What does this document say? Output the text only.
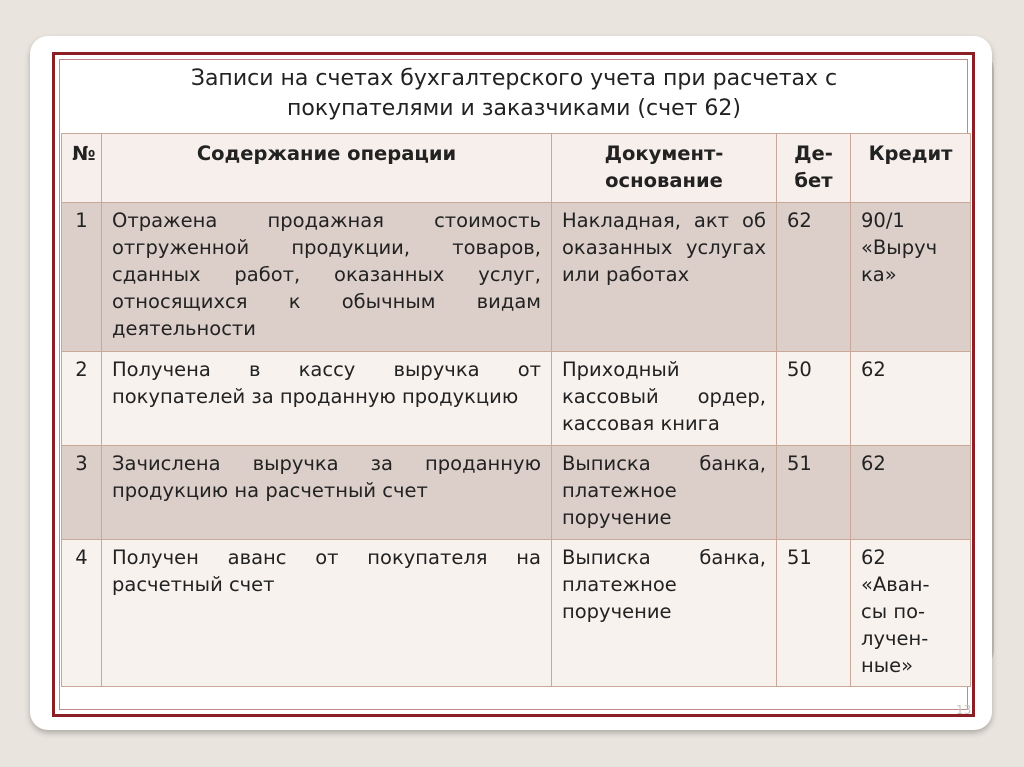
Записи на счетах бухгалтерского учета при расчетах с
покупателями и заказчиками (счет 62)
№	Содержание операции	Документ-основание	Де-бет	Кредит
1	Отражена продажная стоимость отгруженной продукции, товаров, сданных работ, оказанных услуг, относящихся к обычным видам деятельности	Накладная, акт об оказанных услугах или работах	62	90/1
«Выруч
ка»
2	Получена в кассу выручка от покупателей за проданную продукцию	Приходный кассовый ордер, кассовая книга	50	62
3	Зачислена выручка за проданную продукцию на расчетный счет	Выписка банка, платежное поручение	51	62
4	Получен аванс от покупателя на расчетный счет	Выписка банка, платежное поручение	51	62
«Аван-
сы по-
лучен-
ные»
13
